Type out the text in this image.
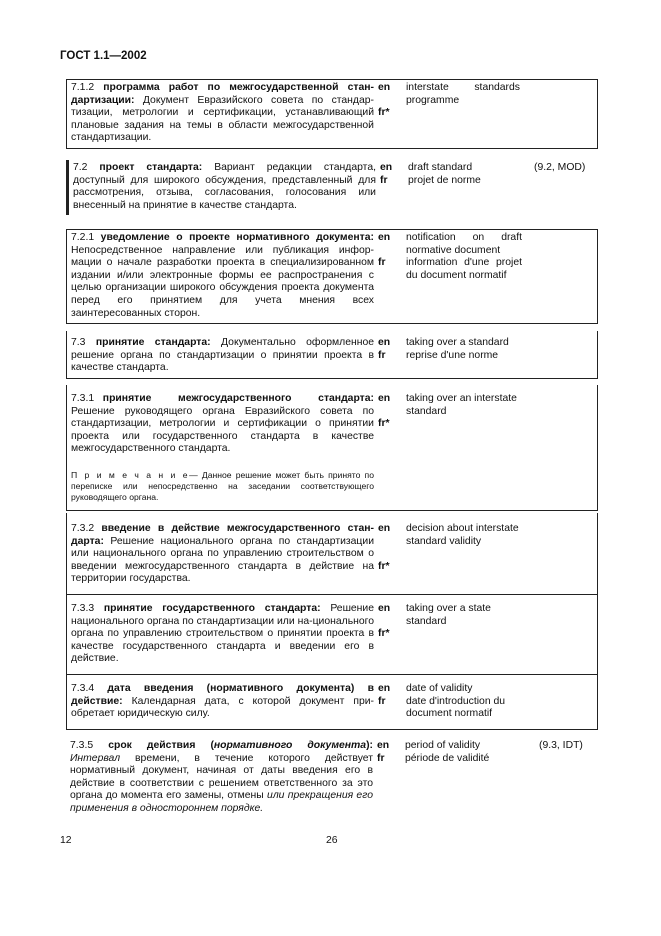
ГОСТ 1.1—2002
7.1.2 программа работ по межгосударственной стан-дартизации: Документ Евразийского совета по стандар-тизации, метрологии и сертификации, устанавливающий плановые задания на темы в области межгосударственной стандартизации.
en
fr*
interstate standards programme
7.2 проект стандарта: Вариант редакции стандарта, доступный для широкого обсуждения, представленный для рассмотрения, отзыва, согласования, голосования или внесенный на принятие в качестве стандарта.
en
fr
draft standard
projet de norme
(9.2, MOD)
7.2.1 уведомление о проекте нормативного документа: Непосредственное направление или публикация инфор-мации о начале разработки проекта в специализированном издании и/или электронные формы ее распространения с целью организации широкого обсуждения проекта документа перед его принятием для учета мнения всех заинтересованных сторон.
en
fr
notification on draft normative document
information d'une projet du document normatif
7.3 принятие стандарта: Документально оформленное решение органа по стандартизации о принятии проекта в качестве стандарта.
en
fr
taking over a standard
reprise d'une norme
7.3.1 принятие межгосударственного стандарта: Решение руководящего органа Евразийского совета по стандартизации, метрологии и сертификации о принятии проекта или государственного стандарта в качестве межгосударственного стандарта.
П р и м е ч а н и е— Данное решение может быть принято по переписке или непосредственно на заседании соответствующего руководящего органа.
en
fr*
taking over an interstate standard
7.3.2 введение в действие межгосударственного стан-дарта: Решение национального органа по стандартизации или национального органа по управлению строительством о введении межгосударственного стандарта в действие на территории государства.
en
fr*
decision about interstate standard validity
7.3.3 принятие государственного стандарта: Решение национального органа по стандартизации или на-ционального органа по управлению строительством о принятии проекта в качестве государственного стандарта и введении его в действие.
en
fr*
taking over a state standard
7.3.4 дата введения (нормативного документа) в действие: Календарная дата, с которой документ при-обретает юридическую силу.
en
fr
date of validity
date d'introduction du document normatif
7.3.5 срок действия (нормативного документа): Интервал времени, в течение которого действует нормативный документ, начиная от даты введения его в действие в соответствии с решением ответственного за это органа до момента его замены, отмены или прекращения его применения в одностороннем порядке.
en
fr
period of validity
période de validité
(9.3, IDT)
12	26
